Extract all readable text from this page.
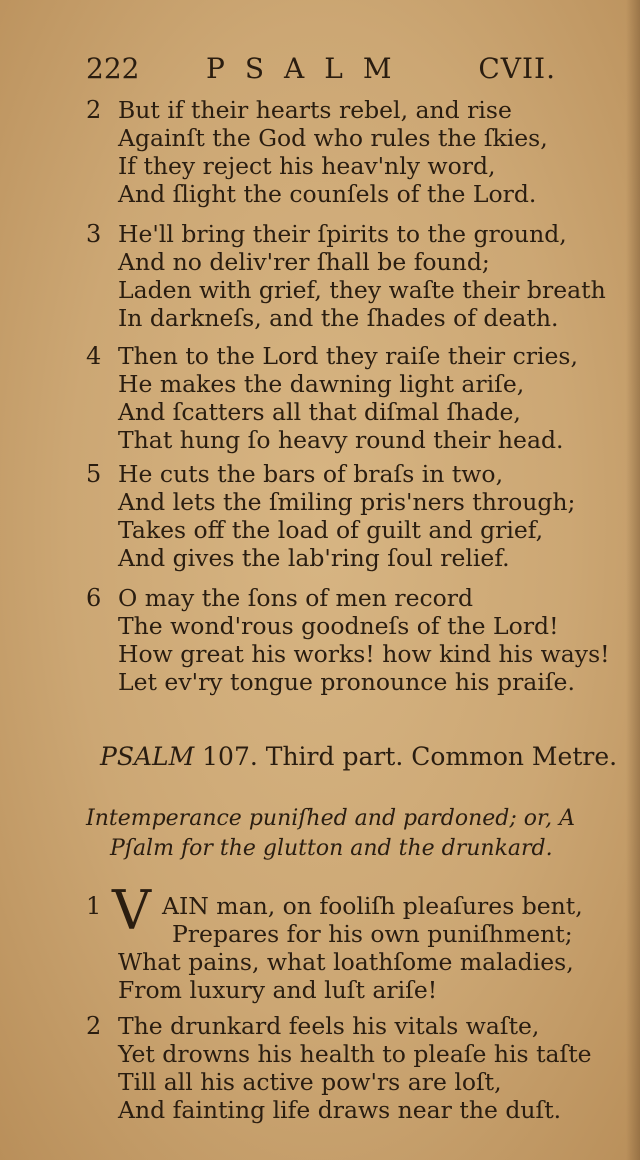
222 PSALM CVII.
2 But if their hearts rebel, and rise
Againſt the God who rules the ſkies,
If they reject his heav'nly word,
And ſlight the counſels of the Lord.
3 He'll bring their ſpirits to the ground,
And no deliv'rer ſhall be found;
Laden with grief, they waſte their breath
In darkneſs, and the ſhades of death.
4 Then to the Lord they raiſe their cries,
He makes the dawning light ariſe,
And ſcatters all that diſmal ſhade,
That hung ſo heavy round their head.
5 He cuts the bars of braſs in two,
And lets the ſmiling pris'ners through;
Takes off the load of guilt and grief,
And gives the lab'ring ſoul relief.
6 O may the ſons of men record
The wond'rous goodneſs of the Lord!
How great his works! how kind his ways!
Let ev'ry tongue pronounce his praiſe.
PSALM 107. Third part. Common Metre.
Intemperance puniſhed and pardoned; or, A
Pſalm for the glutton and the drunkard.
1 V AIN man, on fooliſh pleaſures bent,
Prepares for his own puniſhment;
What pains, what loathſome maladies,
From luxury and luſt ariſe!
2 The drunkard feels his vitals waſte,
Yet drowns his health to pleaſe his taſte
Till all his active pow'rs are loſt,
And fainting life draws near the duſt.
